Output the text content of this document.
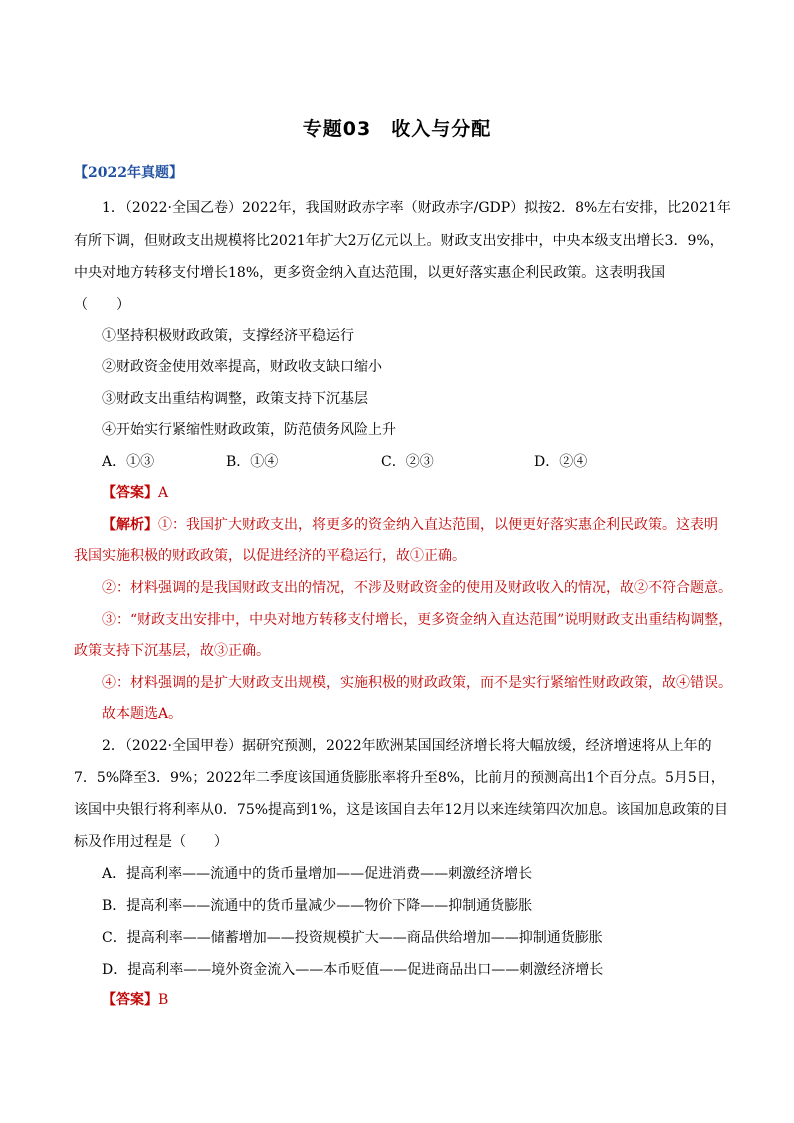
专题03　收入与分配
【2022年真题】
1．（2022·全国乙卷）2022年，我国财政赤字率（财政赤字/GDP）拟按2．8%左右安排，比2021年
有所下调，但财政支出规模将比2021年扩大2万亿元以上。财政支出安排中，中央本级支出增长3．9%，
中央对地方转移支付增长18%，更多资金纳入直达范围，以更好落实惠企利民政策。这表明我国
（　　）
①坚持积极财政政策，支撑经济平稳运行
②财政资金使用效率提高，财政收支缺口缩小
③财政支出重结构调整，政策支持下沉基层
④开始实行紧缩性财政政策，防范债务风险上升
A．①③	B．①④	C．②③	D．②④
【答案】A
【解析】①：我国扩大财政支出，将更多的资金纳入直达范围，以便更好落实惠企利民政策。这表明
我国实施积极的财政政策，以促进经济的平稳运行，故①正确。
②：材料强调的是我国财政支出的情况，不涉及财政资金的使用及财政收入的情况，故②不符合题意。
③：“财政支出安排中，中央对地方转移支付增长，更多资金纳入直达范围”说明财政支出重结构调整，
政策支持下沉基层，故③正确。
④：材料强调的是扩大财政支出规模，实施积极的财政政策，而不是实行紧缩性财政政策，故④错误。
故本题选A。
2．（2022·全国甲卷）据研究预测，2022年欧洲某国国经济增长将大幅放缓，经济增速将从上年的
7．5%降至3．9%；2022年二季度该国通货膨胀率将升至8%，比前月的预测高出1个百分点。5月5日，
该国中央银行将利率从0．75%提高到1%，这是该国自去年12月以来连续第四次加息。该国加息政策的目
标及作用过程是（　　）
A．提高利率——流通中的货币量增加——促进消费——刺激经济增长
B．提高利率——流通中的货币量减少——物价下降——抑制通货膨胀
C．提高利率——储蓄增加——投资规模扩大——商品供给增加——抑制通货膨胀
D．提高利率——境外资金流入——本币贬值——促进商品出口——刺激经济增长
【答案】B
